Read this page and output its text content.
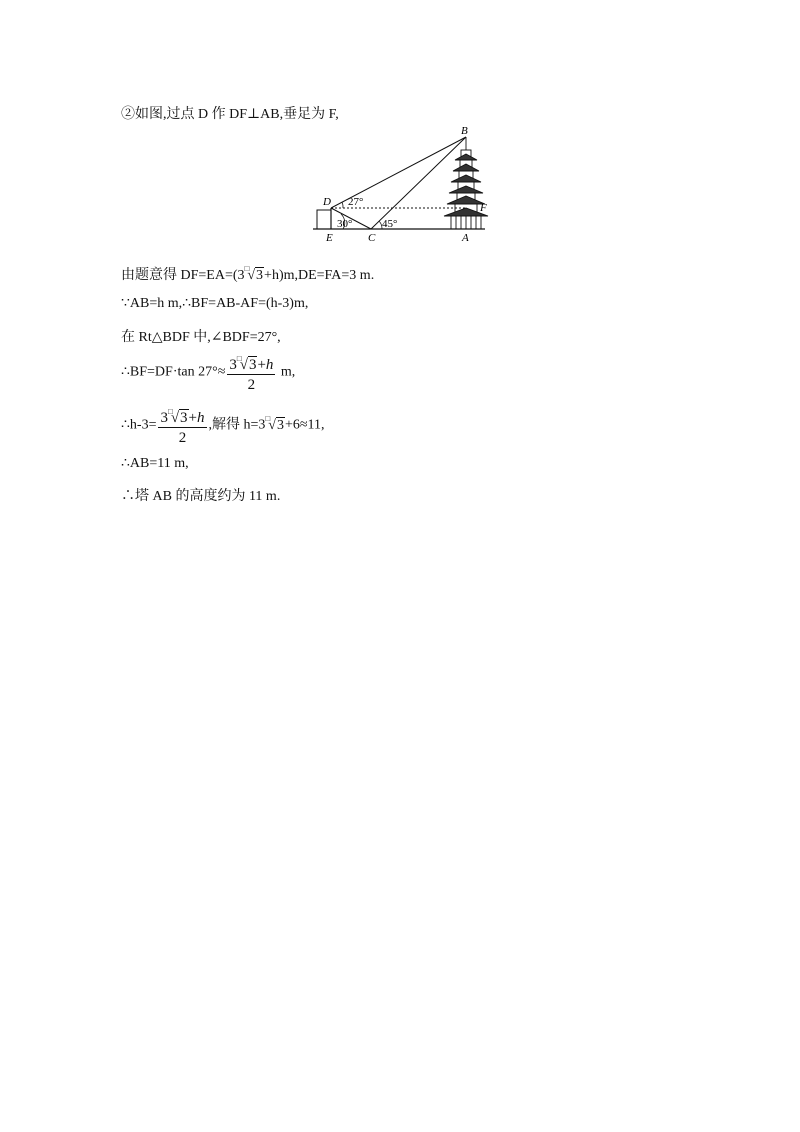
②如图,过点 D 作 DF⊥AB,垂足为 F,
B
D	F
E	C	A
27°
30°	45°
由题意得 DF=EA=(3□√3+h)m,DE=FA=3 m.
∵AB=h m,∴BF=AB-AF=(h-3)m,
在 Rt△BDF 中,∠BDF=27°,
∴BF=DF·tan $27^\circ\approx \frac{3^□√3+h}{2} m$,
∴h-3= $\frac{3^□√3+h}{2}$ ,解得 h=3□√3+6≈11,
∴AB=11 m,
∴塔 AB 的高度约为 11 m.
